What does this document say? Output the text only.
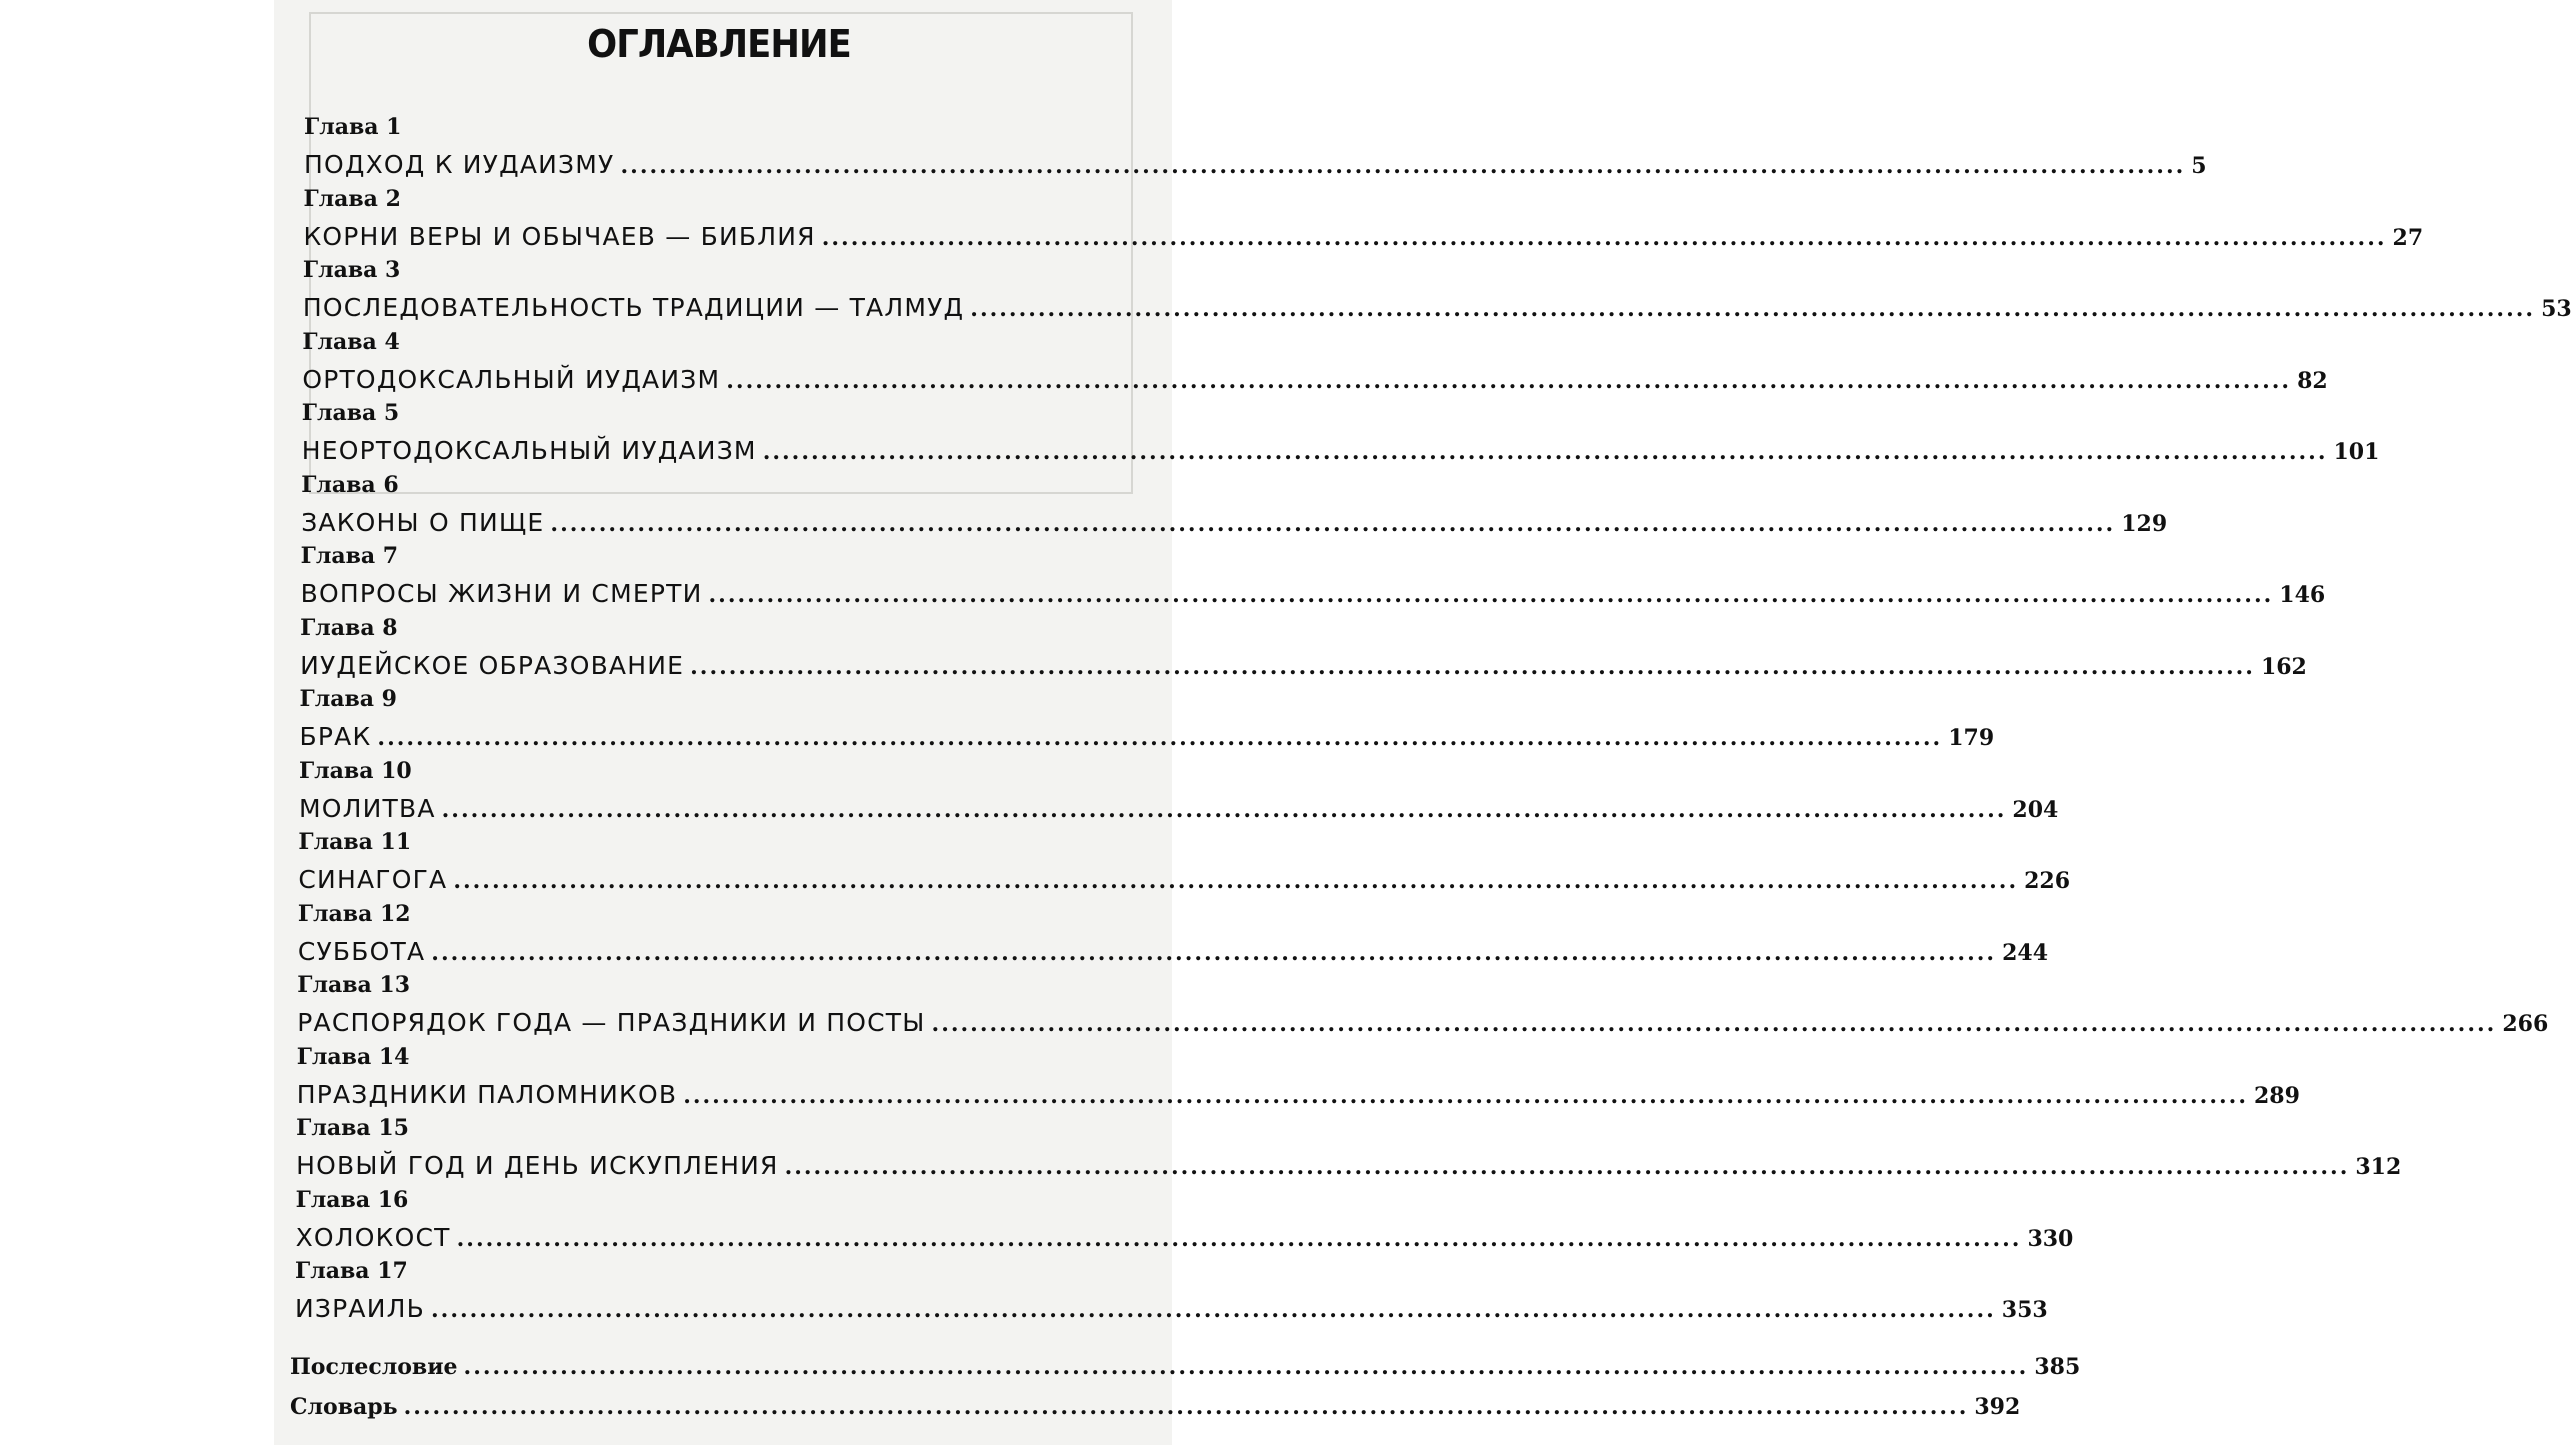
ОГЛАВЛЕНИЕ
Глава 1
ПОДХОД К ИУДАИЗМУ .................................................................................................................................................................. 5
Глава 2
КОРНИ ВЕРЫ И ОБЫЧАЕВ — БИБЛИЯ .................................................................................................................................................................. 27
Глава 3
ПОСЛЕДОВАТЕЛЬНОСТЬ ТРАДИЦИИ — ТАЛМУД .................................................................................................................................................................. 53
Глава 4
ОРТОДОКСАЛЬНЫЙ ИУДАИЗМ .................................................................................................................................................................. 82
Глава 5
НЕОРТОДОКСАЛЬНЫЙ ИУДАИЗМ .................................................................................................................................................................. 101
Глава 6
ЗАКОНЫ О ПИЩЕ .................................................................................................................................................................. 129
Глава 7
ВОПРОСЫ ЖИЗНИ И СМЕРТИ .................................................................................................................................................................. 146
Глава 8
ИУДЕЙСКОЕ ОБРАЗОВАНИЕ .................................................................................................................................................................. 162
Глава 9
БРАК .................................................................................................................................................................. 179
Глава 10
МОЛИТВА .................................................................................................................................................................. 204
Глава 11
СИНАГОГА .................................................................................................................................................................. 226
Глава 12
СУББОТА .................................................................................................................................................................. 244
Глава 13
РАСПОРЯДОК ГОДА — ПРАЗДНИКИ И ПОСТЫ .................................................................................................................................................................. 266
Глава 14
ПРАЗДНИКИ ПАЛОМНИКОВ .................................................................................................................................................................. 289
Глава 15
НОВЫЙ ГОД И ДЕНЬ ИСКУПЛЕНИЯ .................................................................................................................................................................. 312
Глава 16
ХОЛОКОСТ .................................................................................................................................................................. 330
Глава 17
ИЗРАИЛЬ .................................................................................................................................................................. 353
Послесловие .................................................................................................................................................................. 385
Словарь .................................................................................................................................................................. 392
